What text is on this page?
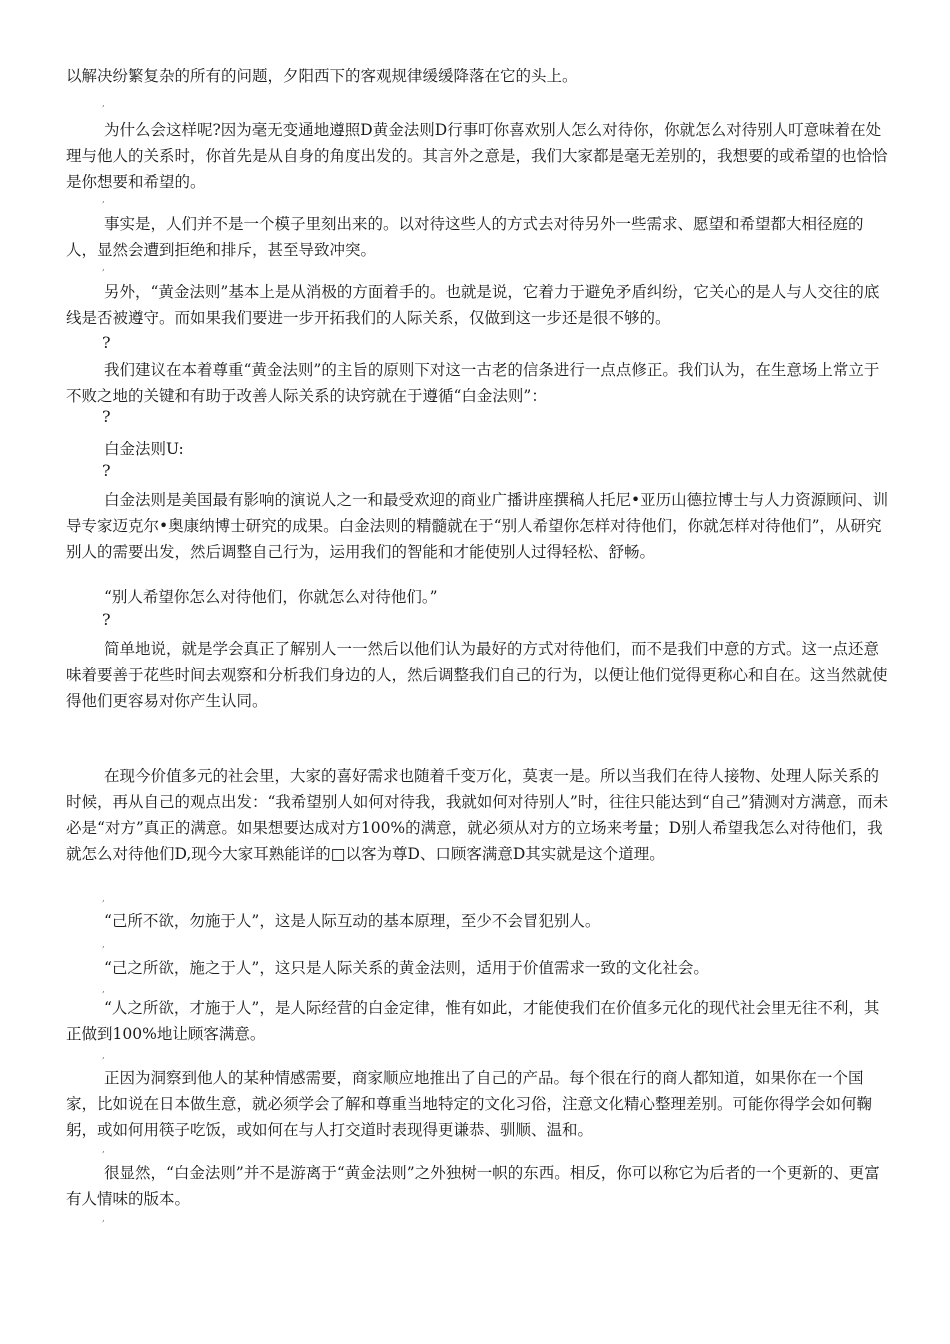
以解决纷繁复杂的所有的问题，夕阳西下的客观规律缓缓降落在它的头上。

,

为什么会这样呢?因为毫无变通地遵照D黄金法则D行事叮你喜欢别人怎么对待你，你就怎么对待别人叮意味着在处理与他人的关系时，你首先是从自身的角度出发的。其言外之意是，我们大家都是毫无差别的，我想要的或希望的也恰恰是你想要和希望的。

,

事实是，人们并不是一个模子里刻出来的。以对待这些人的方式去对待另外一些需求、愿望和希望都大相径庭的人，显然会遭到拒绝和排斥，甚至导致冲突。

,

另外，“黄金法则”基本上是从消极的方面着手的。也就是说，它着力于避免矛盾纠纷，它关心的是人与人交往的底线是否被遵守。而如果我们要进一步开拓我们的人际关系，仅做到这一步还是很不够的。

?

我们建议在本着尊重“黄金法则”的主旨的原则下对这一古老的信条进行一点点修正。我们认为，在生意场上常立于不败之地的关键和有助于改善人际关系的诀窍就在于遵循“白金法则”：

?

白金法则U:

?

白金法则是美国最有影响的演说人之一和最受欢迎的商业广播讲座撰稿人托尼•亚历山德拉博士与人力资源顾问、训导专家迈克尔•奥康纳博士研究的成果。白金法则的精髓就在于“别人希望你怎样对待他们，你就怎样对待他们”，从研究别人的需要出发，然后调整自己行为，运用我们的智能和才能使别人过得轻松、舒畅。

“别人希望你怎么对待他们，你就怎么对待他们。”

?

简单地说，就是学会真正了解别人一一然后以他们认为最好的方式对待他们，而不是我们中意的方式。这一点还意味着要善于花些时间去观察和分析我们身边的人，然后调整我们自己的行为，以便让他们觉得更称心和自在。这当然就使得他们更容易对你产生认同。

在现今价值多元的社会里，大家的喜好需求也随着千变万化，莫衷一是。所以当我们在待人接物、处理人际关系的时候，再从自己的观点出发：“我希望别人如何对待我，我就如何对待别人”时，往往只能达到“自己”猜测对方满意，而未必是“对方”真正的满意。如果想要达成对方100%的满意，就必须从对方的立场来考量；D别人希望我怎么对待他们，我就怎么对待他们D,现今大家耳熟能详的□以客为尊D、口顾客满意D其实就是这个道理。

,

“己所不欲，勿施于人”，这是人际互动的基本原理，至少不会冒犯别人。

,

“己之所欲，施之于人”，这只是人际关系的黄金法则，适用于价值需求一致的文化社会。

,

“人之所欲，才施于人”，是人际经营的白金定律，惟有如此，才能使我们在价值多元化的现代社会里无往不利，其正做到100%地让顾客满意。

,

正因为洞察到他人的某种情感需要，商家顺应地推出了自己的产品。每个很在行的商人都知道，如果你在一个国家，比如说在日本做生意，就必须学会了解和尊重当地特定的文化习俗，注意文化精心整理差别。可能你得学会如何鞠躬，或如何用筷子吃饭，或如何在与人打交道时表现得更谦恭、驯顺、温和。

,

很显然，“白金法则”并不是游离于“黄金法则”之外独树一帜的东西。相反，你可以称它为后者的一个更新的、更富有人情味的版本。

,
